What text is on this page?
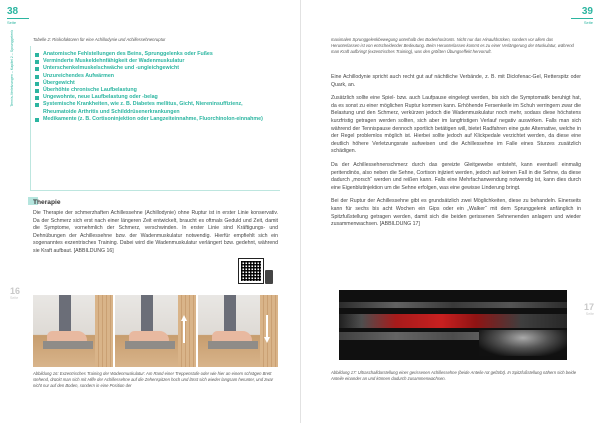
38
Seite
Tennis-Verletzungen – Kapitel 2 – Sprunggelenk
16
Seite
Tabelle 2: Risikofaktoren für eine Achillodynie und Achillessehnenruptur
Anatomische Fehlstellungen des Beins, Sprunggelenks oder Fußes
Verminderte Muskeldehnfähigkeit der Wadenmuskulatur
Unterschenkelmuskelschwäche und -ungleichgewicht
Unzureichendes Aufwärmen
Übergewicht
Überhöhte chronische Laufbelastung
Ungewohnte, neue Laufbelastung oder -belag
Systemische Krankheiten, wie z. B. Diabetes mellitus, Gicht, Niereninsuffizienz, Rheumatoide Arthritis und Schilddrüsenerkrankungen
Medikamente (z. B. Cortisoninjektion oder Langzeiteinnahme, Fluorchinolon-einnahme)
Therapie
Die Therapie der schmerzhaften Achillessehne (Achillodynie) ohne Ruptur ist in erster Linie konservativ. Da der Schmerz sich erst nach einer längeren Zeit entwickelt, braucht es oftmals Geduld und Zeit, damit die Symptome, vornehmlich der Schmerz, verschwinden. In erster Linie sind Kräftigungs- und Dehnübungen der Achillessehne bzw. der Wadenmuskulatur notwendig. Hierfür empfiehlt sich ein sogenanntes exzentrisches Training. Dabei wird die Wadenmuskulatur verlängert bzw. gedehnt, während sie Kraft aufbaut. [ABBILDUNG 16]
Abbildung 16: Exzentrisches Training der Wadenmuskulatur: Am Rand einer Treppenstufe oder wie hier an einem schrägen Brett stehend, drückt man sich mit Hilfe der Achillessehne auf die Zehenspitzen hoch und lässt sich wieder langsam herunter, und zwar nicht nur auf den Boden, sondern in eine Position der
39
Seite
17
Seite
maximalen Sprunggelenkbewegung unterhalb des Bodenhorizonts. Nicht nur das Hinaufdrücken, sondern vor allem das Herunterlassen ist von entscheidender Bedeutung. Beim Herunterlassen kommt es zu einer Verlängerung der Muskulatur, während man Kraft aufbringt (exzentrisches Training), was den größten Übungseffekt hervorruft.

Eine Achillodynie spricht auch recht gut auf nächtliche Verbände, z. B. mit Diclofenac-Gel, Retterspitz oder Quark, an.

Zusätzlich sollte eine Spiel- bzw. auch Laufpause eingelegt werden, bis sich die Symptomatik beruhigt hat, da es sonst zu einer möglichen Ruptur kommen kann. Erhöhende Fersenkeile im Schuh verringern zwar die Belastung und den Schmerz, verkürzen jedoch die Wadenmuskulatur noch mehr, sodass diese höchstens kurzfristig getragen werden sollten, sich aber im langfristigen Verlauf negativ auswirken. Falls man sich während der Tennispause dennoch sportlich betätigen will, bietet Radfahren eine gute Alternative, welche in der Regel problemlos möglich ist. Hierbei sollte jedoch auf Klickpedale verzichtet werden, da diese eine deutlich höhere Verletzungsrate aufweisen und die Achillessehne im Falle eines Sturzes zusätzlich schädigen.

Da der Achillessehnenschmerz durch das gereizte Gleitgewebe entsteht, kann eventuell einmalig peritendinös, also neben die Sehne, Cortison injiziert werden, jedoch auf keinen Fall in die Sehne, da diese dadurch „morsch“ werden und reißen kann. Falls eine Mehrfachanwendung notwendig ist, kann dies durch eine Eigenblutinjektion um die Sehne erfolgen, was eine gewisse Linderung bringt.

Bei der Ruptur der Achillessehne gibt es grundsätzlich zwei Möglichkeiten, diese zu behandeln. Einerseits kann für sechs bis acht Wochen ein Gips oder ein „Walker“ mit dem Sprunggelenk anfänglich in Spitzfußstellung getragen werden, damit sich die beiden gerissenen Sehnenenden anlagern und wieder zusammenwachsen. [ABBILDUNG 17]

Abbildung 17: Ultraschalldarstellung einer gerissenen Achillessehne (beide Anteile rot gefärbt). In Spitzfußstellung nähern sich beide Anteile einander an und können dadurch zusammenwachsen.
